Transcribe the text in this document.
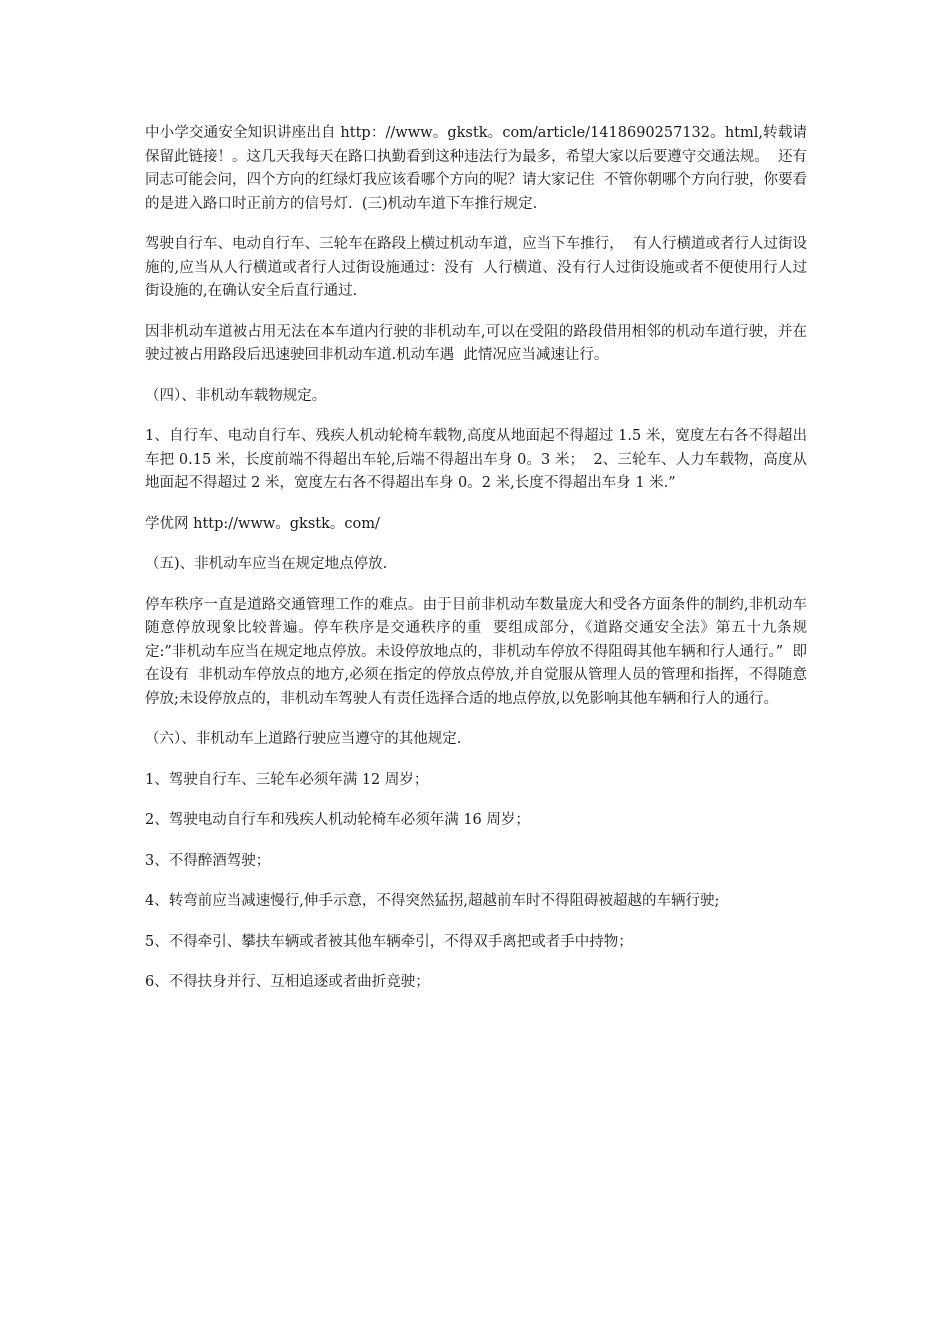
中小学交通安全知识讲座出自 http：//www。gkstk。com/article/1418690257132。html,转载请保留此链接！。这几天我每天在路口执勤看到这种违法行为最多，希望大家以后要遵守交通法规。  还有同志可能会问，四个方向的红绿灯我应该看哪个方向的呢？请大家记住  不管你朝哪个方向行驶，你要看的是进入路口时正前方的信号灯.  (三)机动车道下车推行规定.

驾驶自行车、电动自行车、三轮车在路段上横过机动车道，应当下车推行，  有人行横道或者行人过街设施的,应当从人行横道或者行人过街设施通过：没有  人行横道、没有行人过街设施或者不便使用行人过街设施的,在确认安全后直行通过.

因非机动车道被占用无法在本车道内行驶的非机动车,可以在受阻的路段借用相邻的机动车道行驶，并在驶过被占用路段后迅速驶回非机动车道.机动车遇  此情况应当减速让行。

（四）、非机动车载物规定。

1、自行车、电动自行车、残疾人机动轮椅车载物,高度从地面起不得超过 1.5 米，宽度左右各不得超出车把 0.15 米，长度前端不得超出车轮,后端不得超出车身 0。3 米；  2、三轮车、人力车载物，高度从地面起不得超过 2 米，宽度左右各不得超出车身 0。2 米,长度不得超出车身 1 米.”

学优网 http://www。gkstk。com/

（五)、非机动车应当在规定地点停放.

停车秩序一直是道路交通管理工作的难点。由于目前非机动车数量庞大和受各方面条件的制约,非机动车随意停放现象比较普遍。停车秩序是交通秩序的重  要组成部分，《道路交通安全法》第五十九条规定:”非机动车应当在规定地点停放。未设停放地点的，非机动车停放不得阻碍其他车辆和行人通行。”  即在设有  非机动车停放点的地方,必须在指定的停放点停放,并自觉服从管理人员的管理和指挥，不得随意停放;未设停放点的，非机动车驾驶人有责任选择合适的地点停放,以免影响其他车辆和行人的通行。

（六）、非机动车上道路行驶应当遵守的其他规定.

1、驾驶自行车、三轮车必须年满 12 周岁；

2、驾驶电动自行车和残疾人机动轮椅车必须年满 16 周岁；

3、不得醉酒驾驶；

4、转弯前应当减速慢行,伸手示意，不得突然猛拐,超越前车时不得阻碍被超越的车辆行驶;

5、不得牵引、攀扶车辆或者被其他车辆牵引，不得双手离把或者手中持物；

6、不得扶身并行、互相追逐或者曲折竞驶；
